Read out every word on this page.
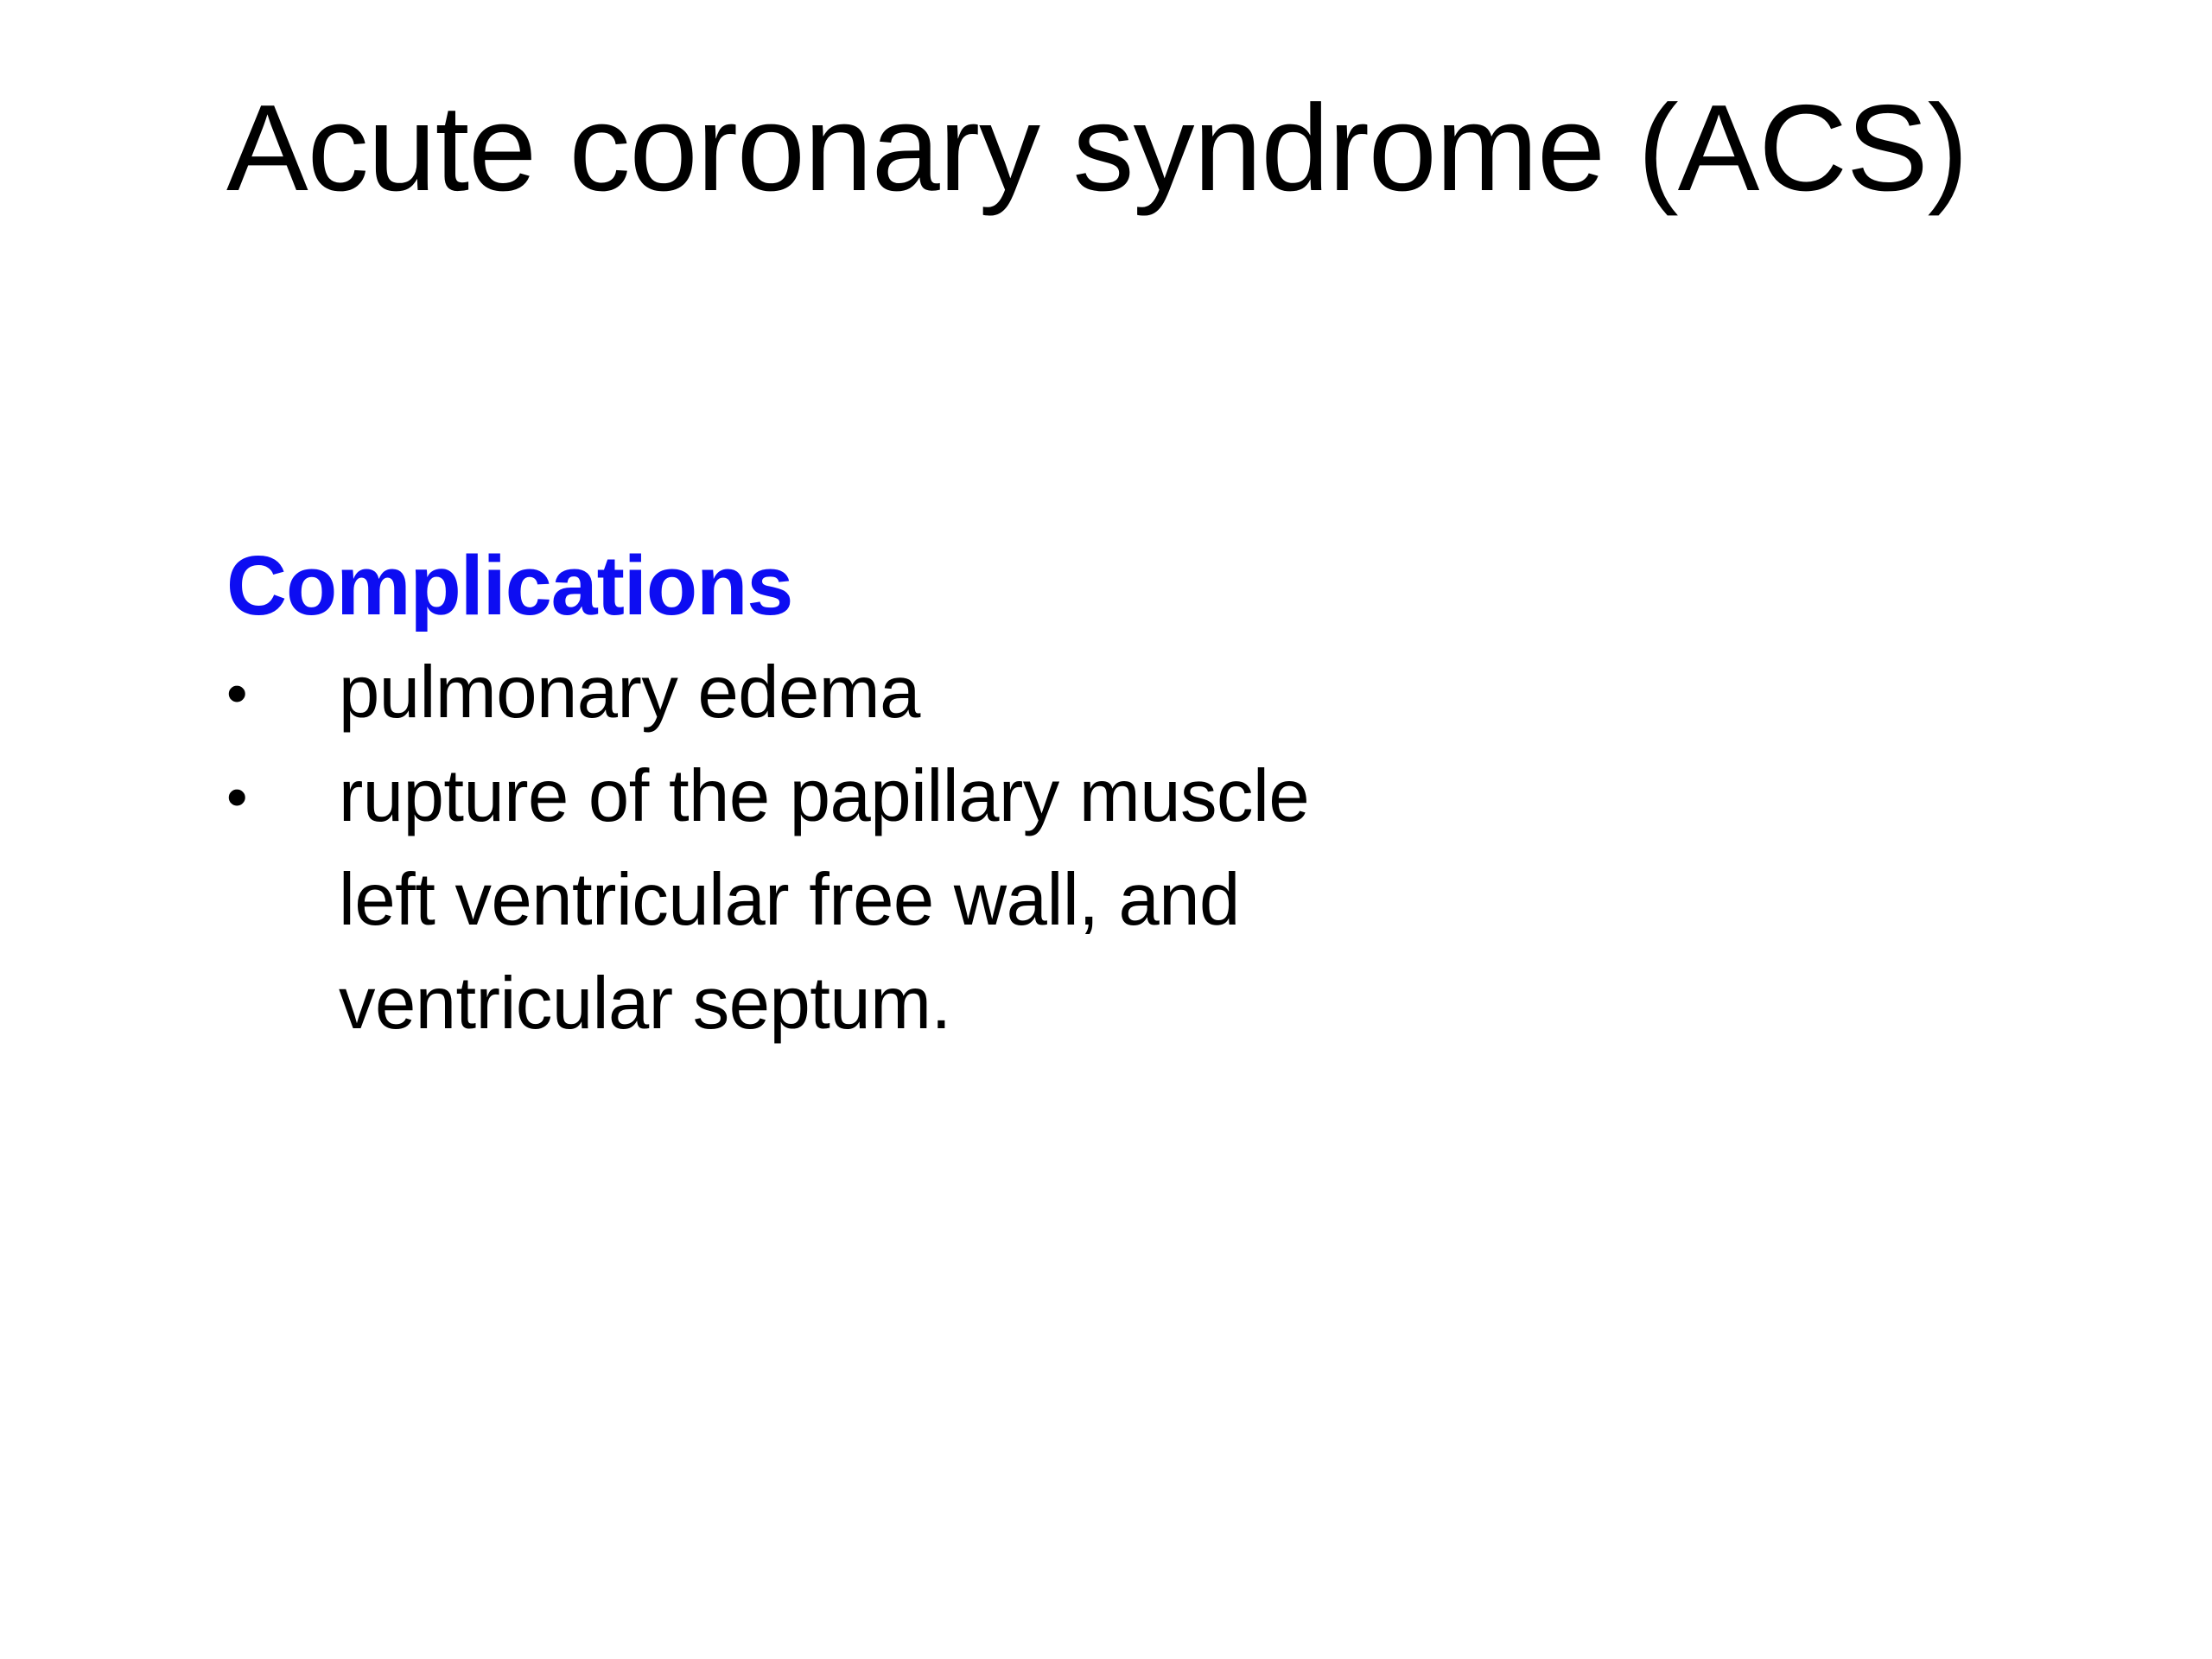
Acute coronary syndrome (ACS)
Complications
•	pulmonary edema
•	rupture of the papillary muscle left ventricular free wall, and ventricular septum.
